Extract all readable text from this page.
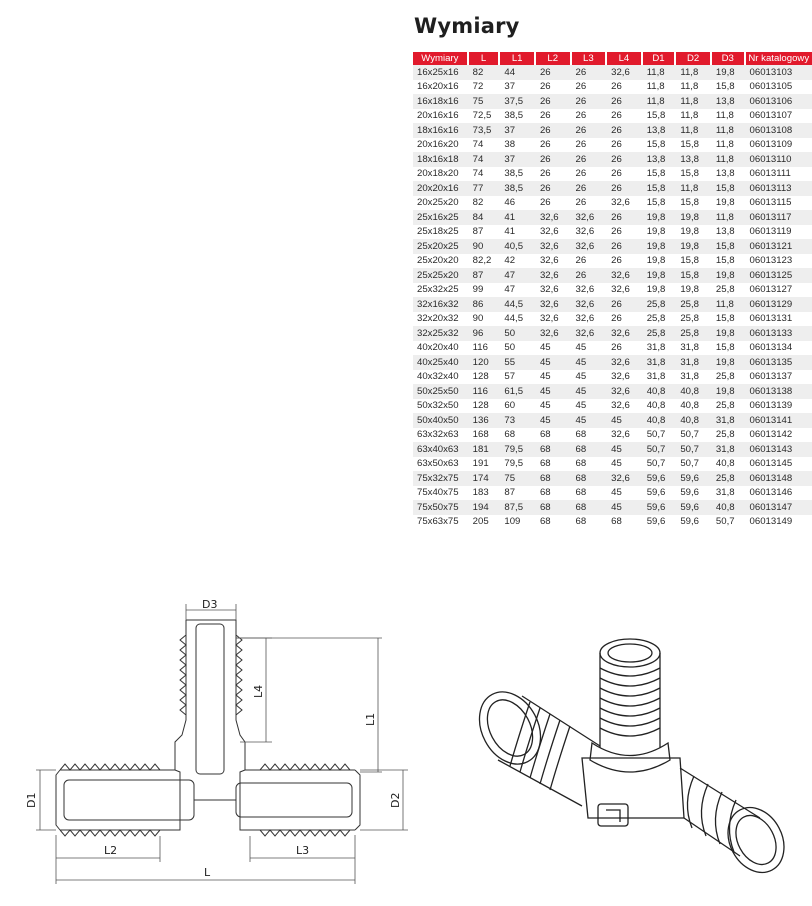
Wymiary
Wymiary	L	L1	L2	L3	L4	D1	D2	D3	Nr katalogowy
16x25x16	82	44	26	26	32,6	11,8	11,8	19,8	06013103
16x20x16	72	37	26	26	26	11,8	11,8	15,8	06013105
16x18x16	75	37,5	26	26	26	11,8	11,8	13,8	06013106
20x16x16	72,5	38,5	26	26	26	15,8	11,8	11,8	06013107
18x16x16	73,5	37	26	26	26	13,8	11,8	11,8	06013108
20x16x20	74	38	26	26	26	15,8	15,8	11,8	06013109
18x16x18	74	37	26	26	26	13,8	13,8	11,8	06013110
20x18x20	74	38,5	26	26	26	15,8	15,8	13,8	06013111
20x20x16	77	38,5	26	26	26	15,8	11,8	15,8	06013113
20x25x20	82	46	26	26	32,6	15,8	15,8	19,8	06013115
25x16x25	84	41	32,6	32,6	26	19,8	19,8	11,8	06013117
25x18x25	87	41	32,6	32,6	26	19,8	19,8	13,8	06013119
25x20x25	90	40,5	32,6	32,6	26	19,8	19,8	15,8	06013121
25x20x20	82,2	42	32,6	26	26	19,8	15,8	15,8	06013123
25x25x20	87	47	32,6	26	32,6	19,8	15,8	19,8	06013125
25x32x25	99	47	32,6	32,6	32,6	19,8	19,8	25,8	06013127
32x16x32	86	44,5	32,6	32,6	26	25,8	25,8	11,8	06013129
32x20x32	90	44,5	32,6	32,6	26	25,8	25,8	15,8	06013131
32x25x32	96	50	32,6	32,6	32,6	25,8	25,8	19,8	06013133
40x20x40	116	50	45	45	26	31,8	31,8	15,8	06013134
40x25x40	120	55	45	45	32,6	31,8	31,8	19,8	06013135
40x32x40	128	57	45	45	32,6	31,8	31,8	25,8	06013137
50x25x50	116	61,5	45	45	32,6	40,8	40,8	19,8	06013138
50x32x50	128	60	45	45	32,6	40,8	40,8	25,8	06013139
50x40x50	136	73	45	45	45	40,8	40,8	31,8	06013141
63x32x63	168	68	68	68	32,6	50,7	50,7	25,8	06013142
63x40x63	181	79,5	68	68	45	50,7	50,7	31,8	06013143
63x50x63	191	79,5	68	68	45	50,7	50,7	40,8	06013145
75x32x75	174	75	68	68	32,6	59,6	59,6	25,8	06013148
75x40x75	183	87	68	68	45	59,6	59,6	31,8	06013146
75x50x75	194	87,5	68	68	45	59,6	59,6	40,8	06013147
75x63x75	205	109	68	68	68	59,6	59,6	50,7	06013149
D3
L4
L1
D1	D2
L2	L3
L
